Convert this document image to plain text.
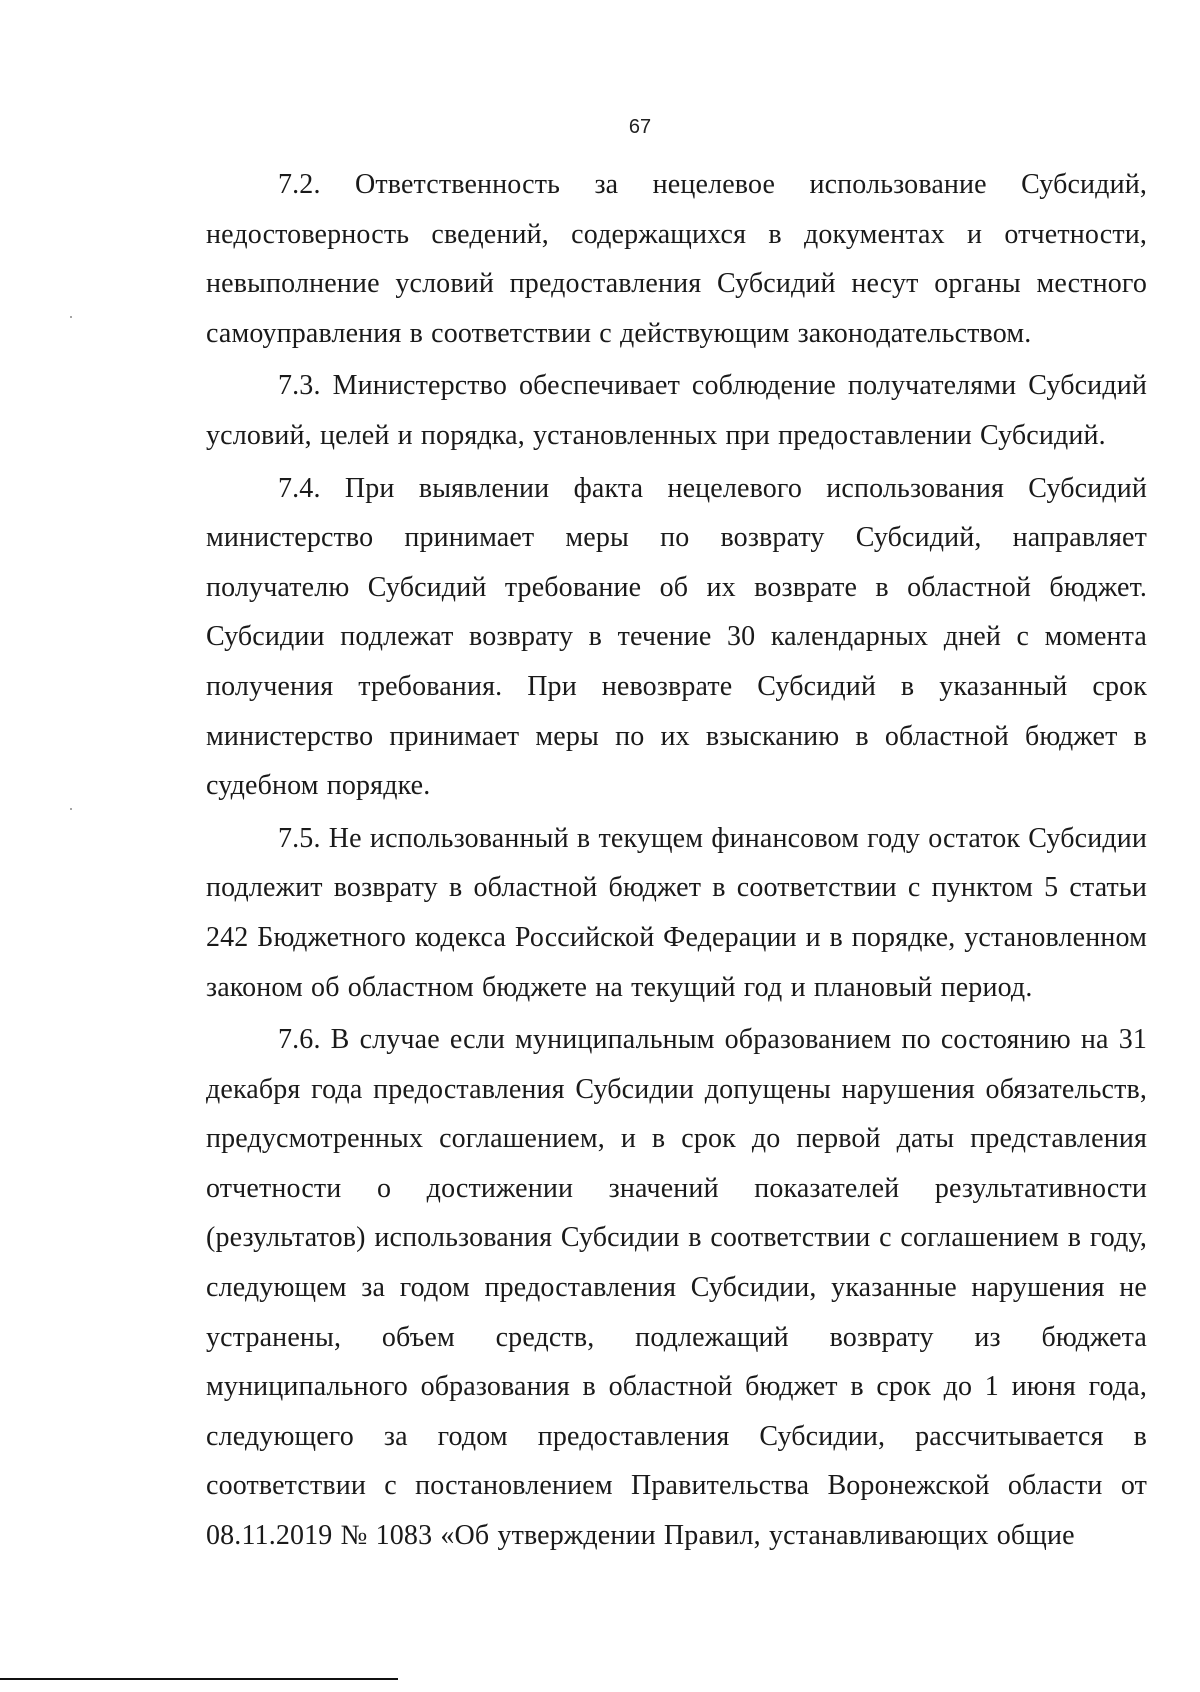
67

7.2. Ответственность за нецелевое использование Субсидий, недостоверность сведений, содержащихся в документах и отчетности, невыполнение условий предоставления Субсидий несут органы местного самоуправления в соответствии с действующим законодательством.

7.3. Министерство обеспечивает соблюдение получателями Субсидий условий, целей и порядка, установленных при предоставлении Субсидий.

7.4. При выявлении факта нецелевого использования Субсидий министерство принимает меры по возврату Субсидий, направляет получателю Субсидий требование об их возврате в областной бюджет. Субсидии подлежат возврату в течение 30 календарных дней с момента получения требования. При невозврате Субсидий в указанный срок министерство принимает меры по их взысканию в областной бюджет в судебном порядке.

7.5. Не использованный в текущем финансовом году остаток Субсидии подлежит возврату в областной бюджет в соответствии с пунктом 5 статьи 242 Бюджетного кодекса Российской Федерации и в порядке, установленном законом об областном бюджете на текущий год и плановый период.

7.6. В случае если муниципальным образованием по состоянию на 31 декабря года предоставления Субсидии допущены нарушения обязательств, предусмотренных соглашением, и в срок до первой даты представления отчетности о достижении значений показателей результативности (результатов) использования Субсидии в соответствии с соглашением в году, следующем за годом предоставления Субсидии, указанные нарушения не устранены, объем средств, подлежащий возврату из бюджета муниципального образования в областной бюджет в срок до 1 июня года, следующего за годом предоставления Субсидии, рассчитывается в соответствии с постановлением Правительства Воронежской области от 08.11.2019 № 1083 «Об утверждении Правил, устанавливающих общие
